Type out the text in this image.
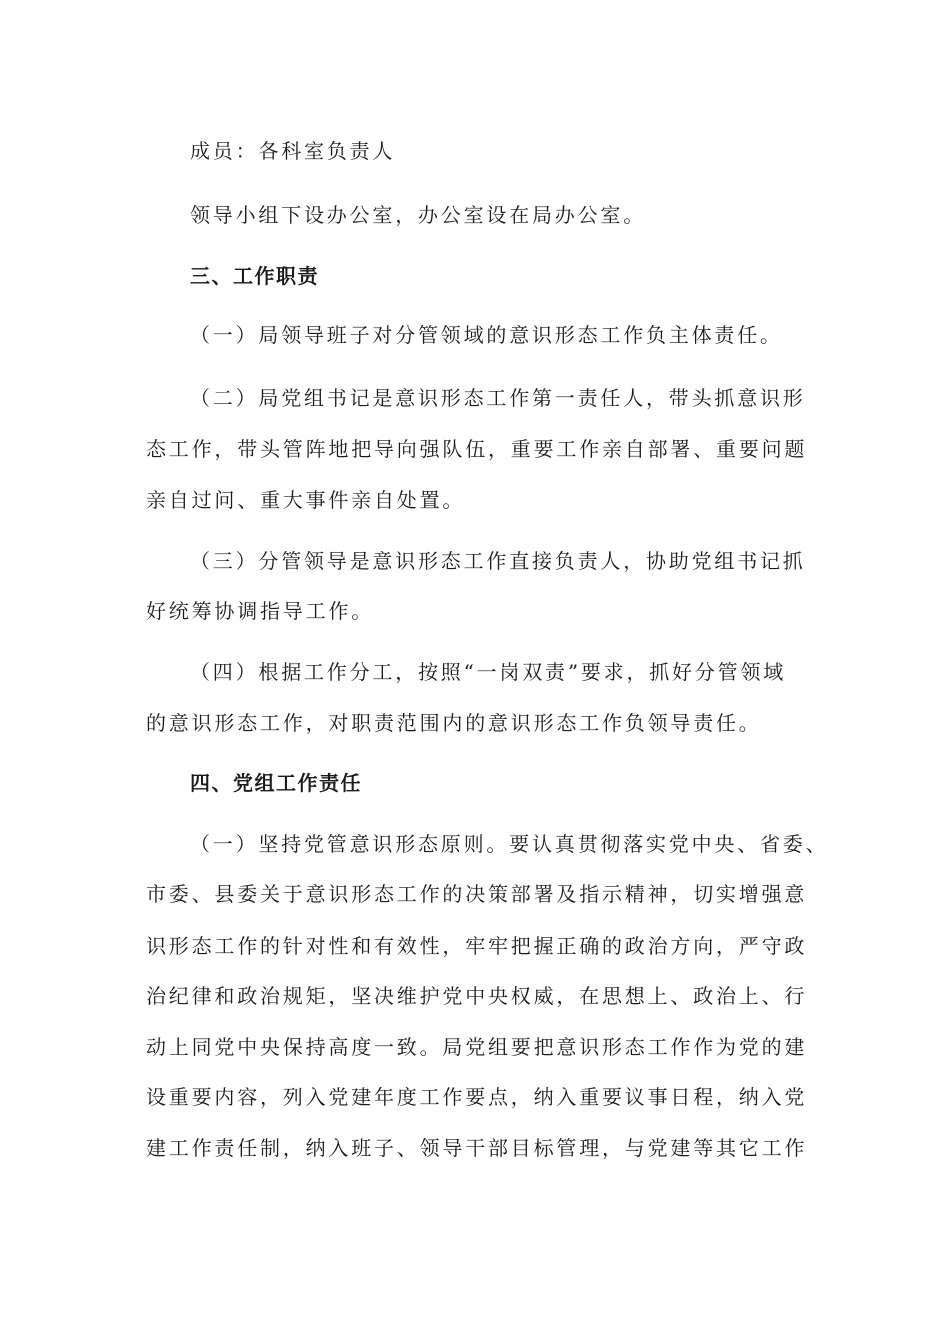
成员：各科室负责人
领导小组下设办公室，办公室设在局办公室。
三、工作职责
（一）局领导班子对分管领域的意识形态工作负主体责任。
（二）局党组书记是意识形态工作第一责任人，带头抓意识形
态工作，带头管阵地把导向强队伍，重要工作亲自部署、重要问题
亲自过问、重大事件亲自处置。
（三）分管领导是意识形态工作直接负责人，协助党组书记抓
好统筹协调指导工作。
（四）根据工作分工，按照“一岗双责”要求，抓好分管领域
的意识形态工作，对职责范围内的意识形态工作负领导责任。
四、党组工作责任
（一）坚持党管意识形态原则。要认真贯彻落实党中央、省委、
市委、县委关于意识形态工作的决策部署及指示精神，切实增强意
识形态工作的针对性和有效性，牢牢把握正确的政治方向，严守政
治纪律和政治规矩，坚决维护党中央权威，在思想上、政治上、行
动上同党中央保持高度一致。局党组要把意识形态工作作为党的建
设重要内容，列入党建年度工作要点，纳入重要议事日程，纳入党
建工作责任制，纳入班子、领导干部目标管理，与党建等其它工作
